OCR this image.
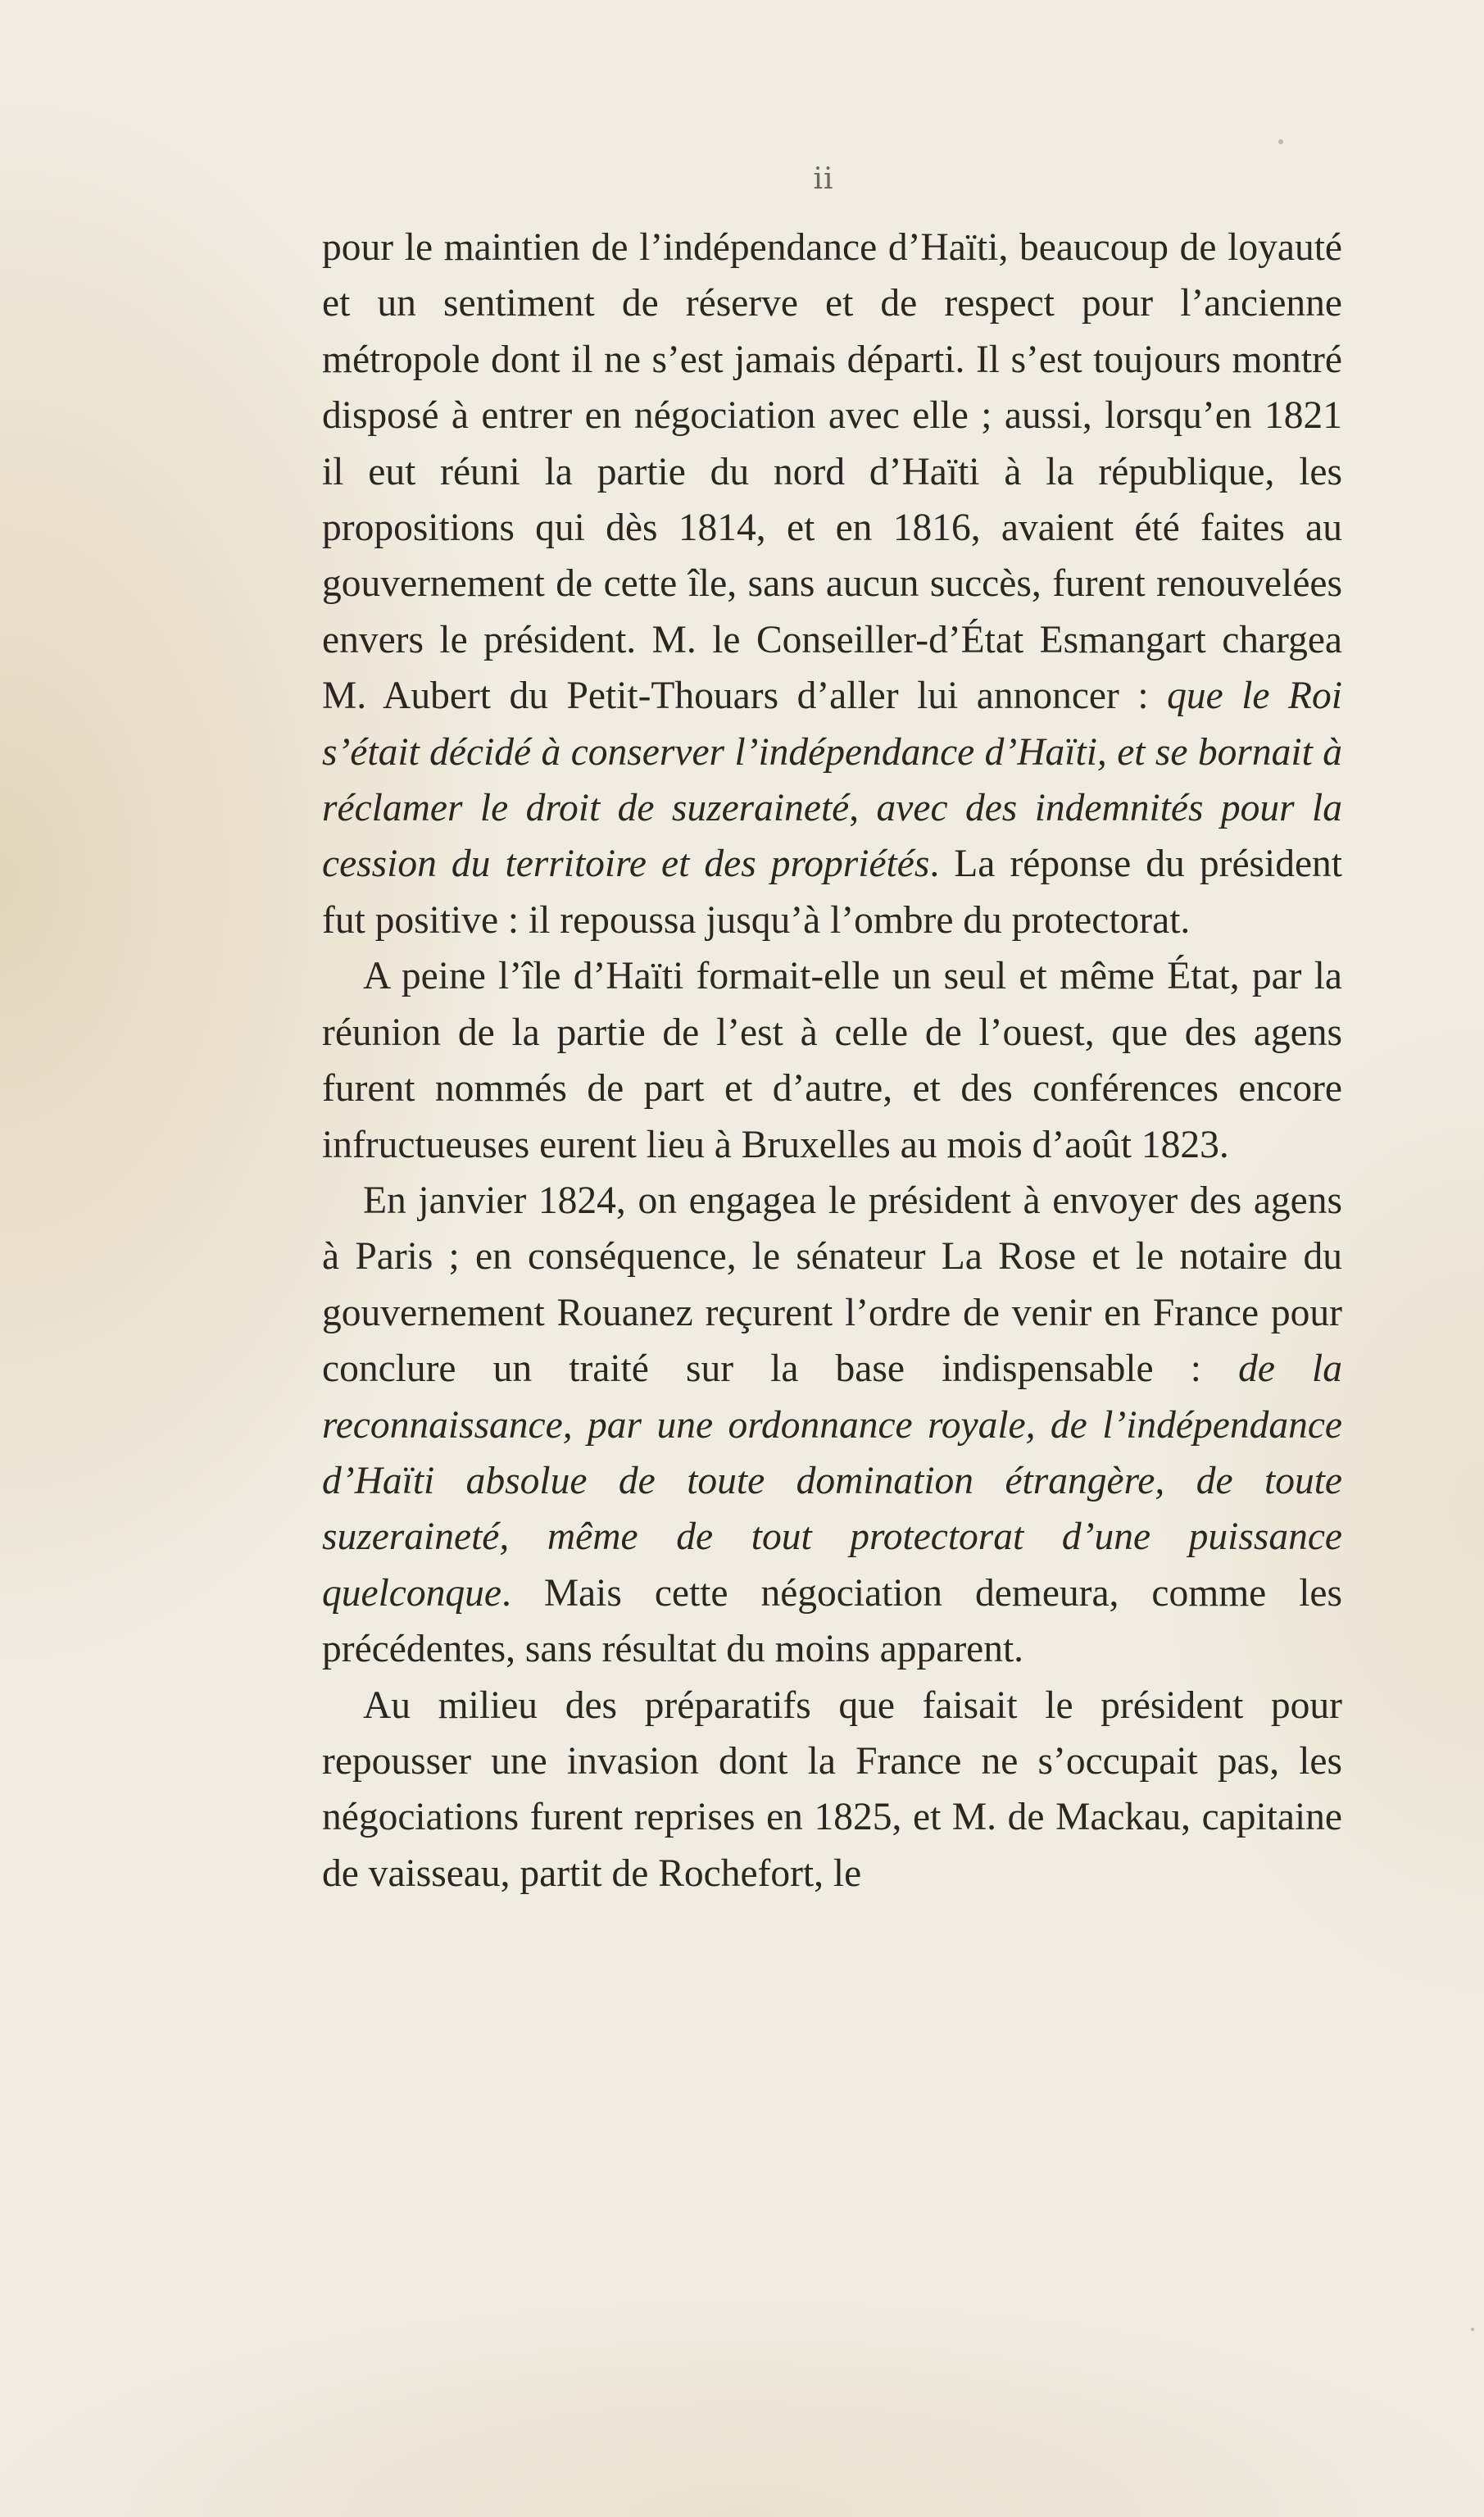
ii

pour le maintien de l’indépendance d’Haïti, beaucoup de loyauté et un sentiment de réserve et de respect pour l’ancienne métropole dont il ne s’est jamais départi. Il s’est toujours montré disposé à entrer en négociation avec elle ; aussi, lorsqu’en 1821 il eut réuni la partie du nord d’Haïti à la république, les propositions qui dès 1814, et en 1816, avaient été faites au gouvernement de cette île, sans aucun succès, furent renouvelées envers le président. M. le Conseiller-d’État Esmangart chargea M. Aubert du Petit-Thouars d’aller lui annoncer : que le Roi s’était décidé à conserver l’indépendance d’Haïti, et se bornait à réclamer le droit de suzeraineté, avec des indemnités pour la cession du territoire et des propriétés. La réponse du président fut positive : il repoussa jusqu’à l’ombre du protectorat.

A peine l’île d’Haïti formait-elle un seul et même État, par la réunion de la partie de l’est à celle de l’ouest, que des agens furent nommés de part et d’autre, et des conférences encore infructueuses eurent lieu à Bruxelles au mois d’août 1823.

En janvier 1824, on engagea le président à envoyer des agens à Paris ; en conséquence, le sénateur La Rose et le notaire du gouvernement Rouanez reçurent l’ordre de venir en France pour conclure un traité sur la base indispensable : de la reconnaissance, par une ordonnance royale, de l’indépendance d’Haïti absolue de toute domination étrangère, de toute suzeraineté, même de tout protectorat d’une puissance quelconque. Mais cette négociation demeura, comme les précédentes, sans résultat du moins apparent.

Au milieu des préparatifs que faisait le président pour repousser une invasion dont la France ne s’occupait pas, les négociations furent reprises en 1825, et M. de Mackau, capitaine de vaisseau, partit de Rochefort, le
